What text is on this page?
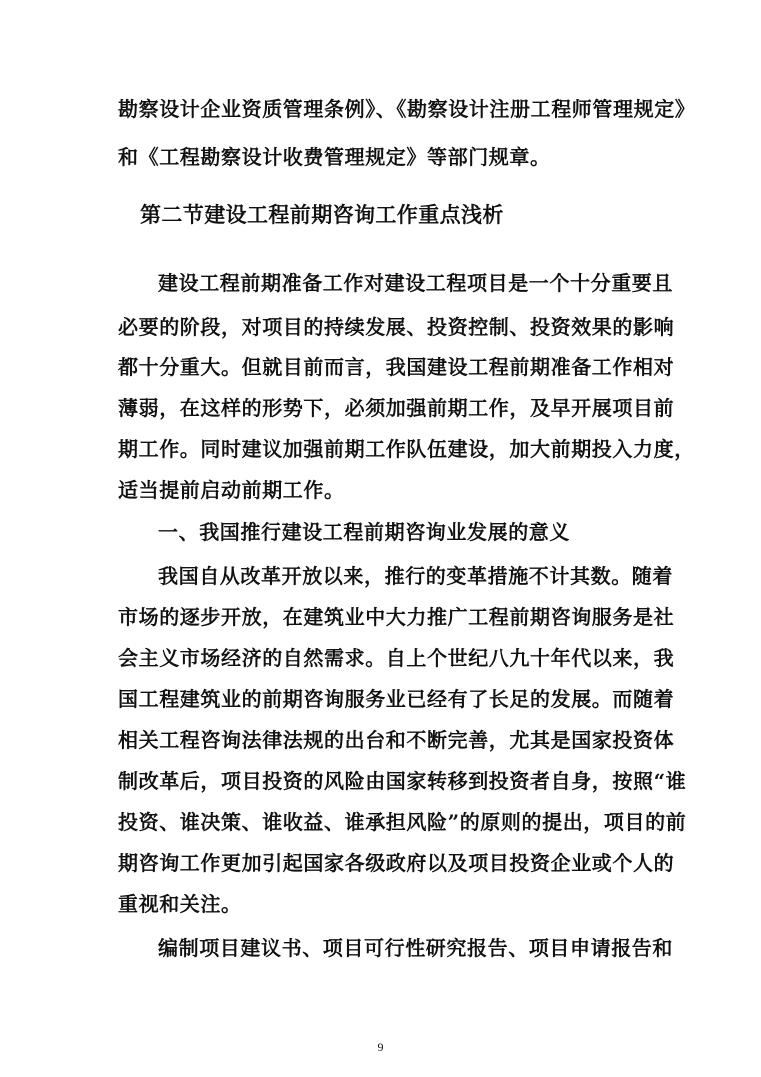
勘察设计企业资质管理条例》、《勘察设计注册工程师管理规定》
和《工程勘察设计收费管理规定》等部门规章。
第二节建设工程前期咨询工作重点浅析
建设工程前期准备工作对建设工程项目是一个十分重要且
必要的阶段，对项目的持续发展、投资控制、投资效果的影响
都十分重大。但就目前而言，我国建设工程前期准备工作相对
薄弱，在这样的形势下，必须加强前期工作，及早开展项目前
期工作。同时建议加强前期工作队伍建设，加大前期投入力度，
适当提前启动前期工作。
一、我国推行建设工程前期咨询业发展的意义
我国自从改革开放以来，推行的变革措施不计其数。随着
市场的逐步开放，在建筑业中大力推广工程前期咨询服务是社
会主义市场经济的自然需求。自上个世纪八九十年代以来，我
国工程建筑业的前期咨询服务业已经有了长足的发展。而随着
相关工程咨询法律法规的出台和不断完善，尤其是国家投资体
制改革后，项目投资的风险由国家转移到投资者自身，按照“谁
投资、谁决策、谁收益、谁承担风险”的原则的提出，项目的前
期咨询工作更加引起国家各级政府以及项目投资企业或个人的
重视和关注。
编制项目建议书、项目可行性研究报告、项目申请报告和
9
